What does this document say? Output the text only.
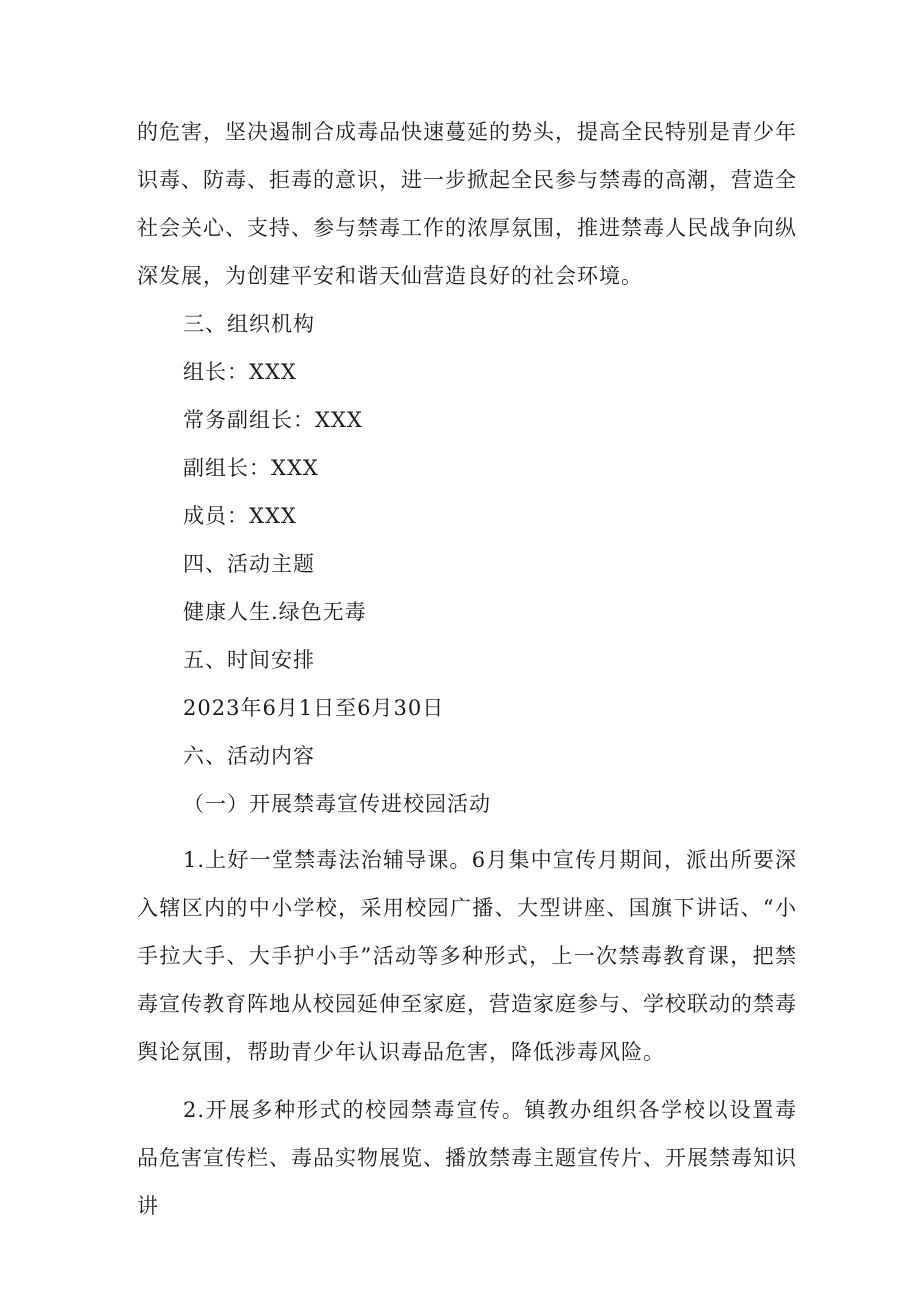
的危害，坚决遏制合成毒品快速蔓延的势头，提高全民特别是青少年识毒、防毒、拒毒的意识，进一步掀起全民参与禁毒的高潮，营造全社会关心、支持、参与禁毒工作的浓厚氛围，推进禁毒人民战争向纵深发展，为创建平安和谐天仙营造良好的社会环境。

三、组织机构

组长：XXX

常务副组长：XXX

副组长：XXX

成员：XXX

四、活动主题

健康人生.绿色无毒

五、时间安排

2023年6月1日至6月30日

六、活动内容

（一）开展禁毒宣传进校园活动

1.上好一堂禁毒法治辅导课。6月集中宣传月期间，派出所要深入辖区内的中小学校，采用校园广播、大型讲座、国旗下讲话、“小手拉大手、大手护小手”活动等多种形式，上一次禁毒教育课，把禁毒宣传教育阵地从校园延伸至家庭，营造家庭参与、学校联动的禁毒舆论氛围，帮助青少年认识毒品危害，降低涉毒风险。

2.开展多种形式的校园禁毒宣传。镇教办组织各学校以设置毒品危害宣传栏、毒品实物展览、播放禁毒主题宣传片、开展禁毒知识讲
